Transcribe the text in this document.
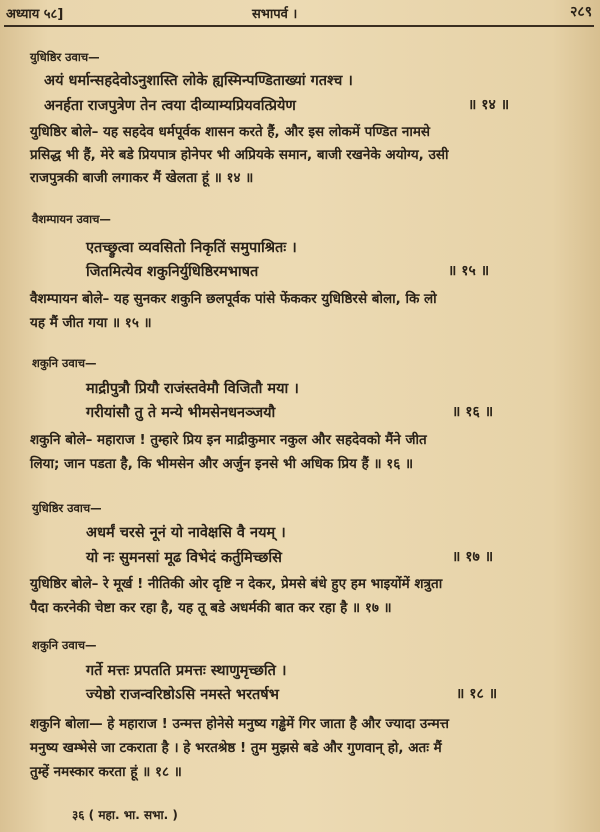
अध्याय ५८]	सभापर्व ।	२८९
युधिष्ठिर उवाच—
अयं धर्मान्सहदेवोऽनुशास्ति लोके ह्यस्मिन्पण्डिताख्यां गतश्च ।
अनर्हता राजपुत्रेण तेन त्वया दीव्याम्यप्रियवत्प्रियेण	॥ १४ ॥
युधिष्ठिर बोले– यह सहदेव धर्मपूर्वक शासन करते हैं, और इस लोकमें पण्डित नामसे
प्रसिद्ध भी हैं, मेरे बडे प्रियपात्र होनेपर भी अप्रियके समान, बाजी रखनेके अयोग्य, उसी
राजपुत्रकी बाजी लगाकर मैं खेलता हूं ॥ १४ ॥
वैशम्पायन उवाच—
एतच्छ्रुत्वा व्यवसितो निकृतिं समुपाश्रितः ।
जितमित्येव शकुनिर्युधिष्ठिरमभाषत	॥ १५ ॥
वैशम्पायन बोले– यह सुनकर शकुनि छलपूर्वक पांसे फेंककर युधिष्ठिरसे बोला, कि लो
यह मैं जीत गया ॥ १५ ॥
शकुनि उवाच—
माद्रीपुत्रौ प्रियौ राजंस्तवेमौ विजितौ मया ।
गरीयांसौ तु ते मन्ये भीमसेनधनञ्जयौ	॥ १६ ॥
शकुनि बोले– महाराज ! तुम्हारे प्रिय इन माद्रीकुमार नकुल और सहदेवको मैंने जीत
लिया; जान पडता है, कि भीमसेन और अर्जुन इनसे भी अधिक प्रिय हैं ॥ १६ ॥
युधिष्ठिर उवाच—
अधर्मं चरसे नूनं यो नावेक्षसि वै नयम् ।
यो नः सुमनसां मूढ विभेदं कर्तुमिच्छसि	॥ १७ ॥
युधिष्ठिर बोले– रे मूर्ख ! नीतिकी ओर दृष्टि न देकर, प्रेमसे बंधे हुए हम भाइयोंमें शत्रुता
पैदा करनेकी चेष्टा कर रहा है, यह तू बडे अधर्मकी बात कर रहा है ॥ १७ ॥
शकुनि उवाच—
गर्ते मत्तः प्रपतति प्रमत्तः स्थाणुमृच्छति ।
ज्येष्ठो राजन्वरिष्ठोऽसि नमस्ते भरतर्षभ	॥ १८ ॥
शकुनि बोला— हे महाराज ! उन्मत्त होनेसे मनुष्य गड्ढेमें गिर जाता है और ज्यादा उन्मत्त
मनुष्य खम्भेसे जा टकराता है । हे भरतश्रेष्ठ ! तुम मुझसे बडे और गुणवान् हो, अतः मैं
तुम्हें नमस्कार करता हूं ॥ १८ ॥
३६ ( महा. भा. सभा. )
